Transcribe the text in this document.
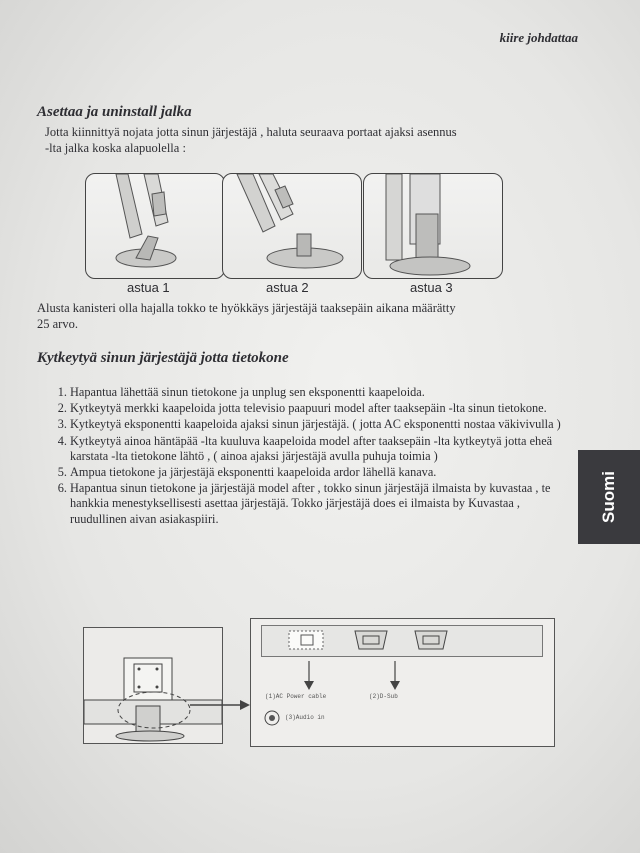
kiire johdattaa
Asettaa ja uninstall jalka
Jotta kiinnittyä nojata jotta sinun järjestäjä , haluta seuraava portaat ajaksi asennus
-lta jalka koska alapuolella :
astua 1	astua 2	astua 3
Alusta kanisteri olla hajalla tokko te hyökkäys järjestäjä taaksepäin aikana määrätty
25 arvo.
Kytkeytyä sinun järjestäjä jotta tietokone
1. Hapantua lähettää sinun tietokone ja unplug sen eksponentti kaapeloida.
2. Kytkeytyä merkki kaapeloida jotta televisio paapuuri model after taaksepäin -lta sinun tietokone.
3. Kytkeytyä eksponentti kaapeloida ajaksi sinun järjestäjä. ( jotta AC eksponentti nostaa väkivivulla )
4. Kytkeytyä ainoa häntäpää -lta kuuluva kaapeloida model after taaksepäin -lta kytkeytyä jotta eheä karstata -lta tietokone lähtö , ( ainoa ajaksi järjestäjä avulla puhuja toimia )
5. Ampua tietokone ja järjestäjä eksponentti kaapeloida ardor lähellä kanava.
6. Hapantua sinun tietokone ja järjestäjä model after , tokko sinun järjestäjä ilmaista by kuvastaa , te hankkia menestyksellisesti asettaa järjestäjä. Tokko järjestäjä does ei ilmaista by Kuvastaa , ruudullinen aivan asiakaspiiri.	Suomi
(1)AC Power cable	(2)D-Sub
(3)Audio in
